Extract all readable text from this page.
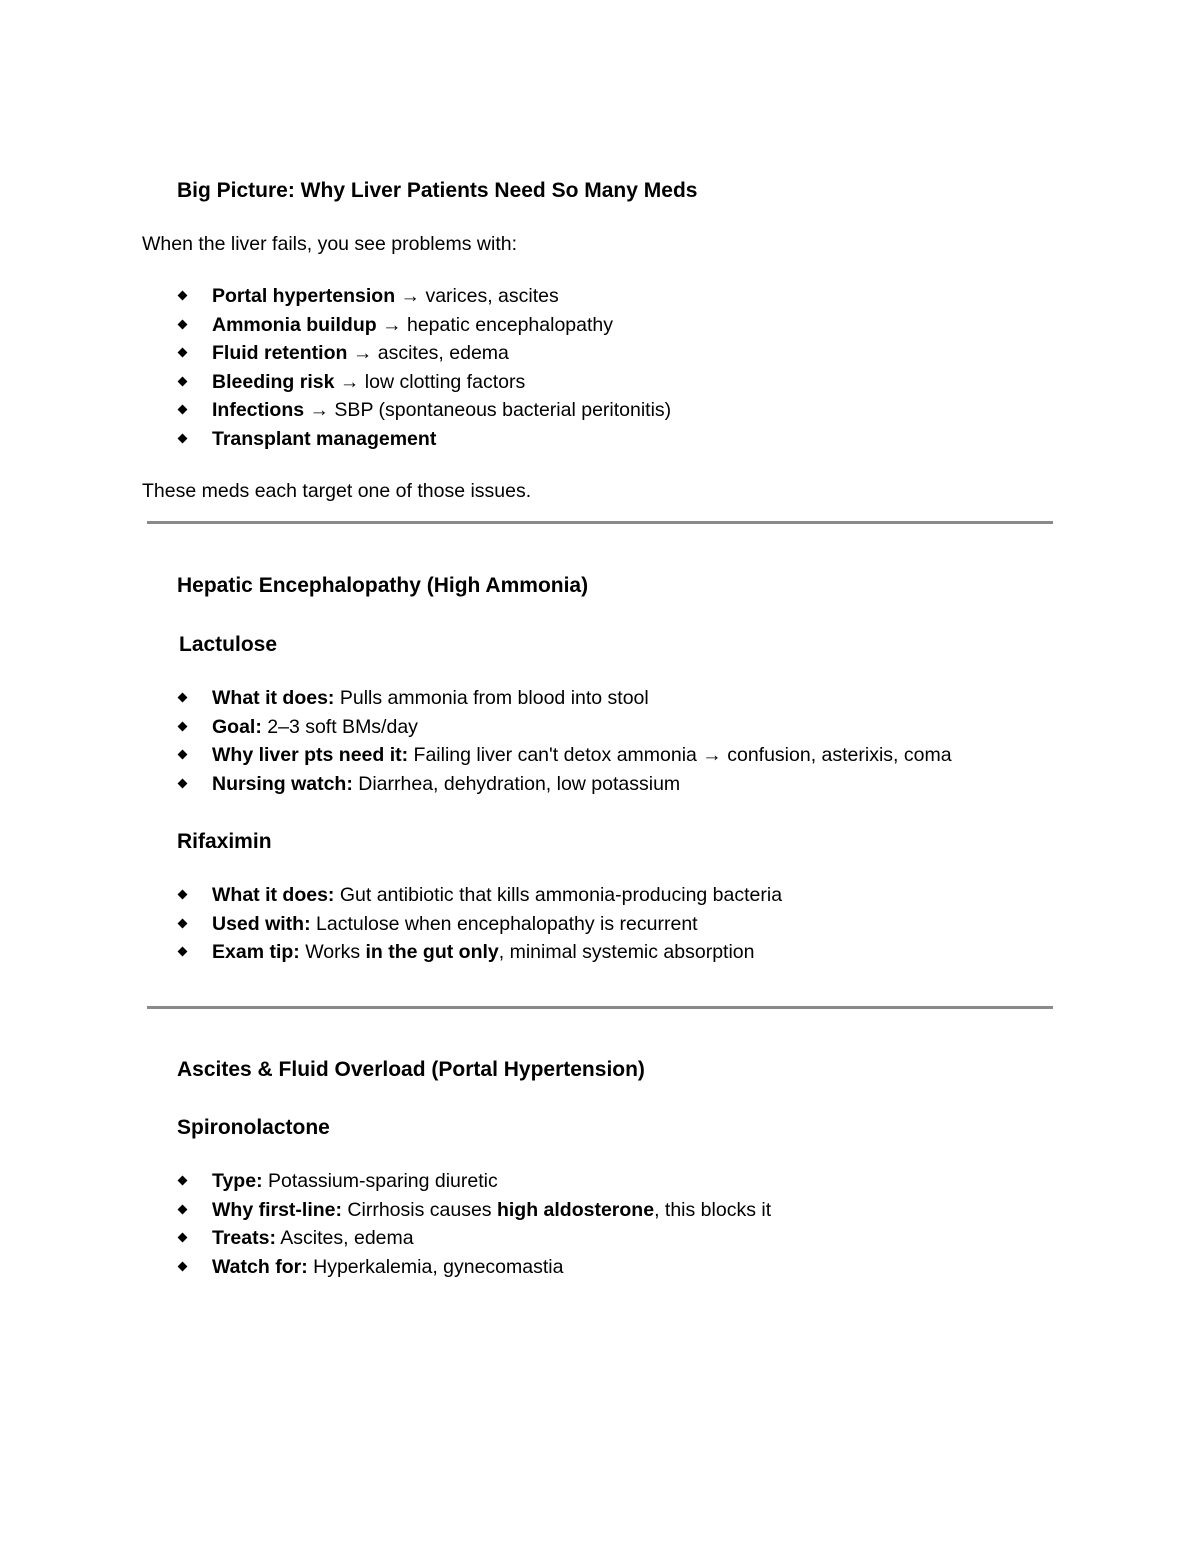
Big Picture: Why Liver Patients Need So Many Meds
When the liver fails, you see problems with:
Portal hypertension → varices, ascites
Ammonia buildup → hepatic encephalopathy
Fluid retention → ascites, edema
Bleeding risk → low clotting factors
Infections → SBP (spontaneous bacterial peritonitis)
Transplant management
These meds each target one of those issues.
Hepatic Encephalopathy (High Ammonia)
Lactulose
What it does: Pulls ammonia from blood into stool
Goal: 2–3 soft BMs/day
Why liver pts need it: Failing liver can't detox ammonia → confusion, asterixis, coma
Nursing watch: Diarrhea, dehydration, low potassium
Rifaximin
What it does: Gut antibiotic that kills ammonia-producing bacteria
Used with: Lactulose when encephalopathy is recurrent
Exam tip: Works in the gut only, minimal systemic absorption
Ascites & Fluid Overload (Portal Hypertension)
Spironolactone
Type: Potassium-sparing diuretic
Why first-line: Cirrhosis causes high aldosterone, this blocks it
Treats: Ascites, edema
Watch for: Hyperkalemia, gynecomastia
